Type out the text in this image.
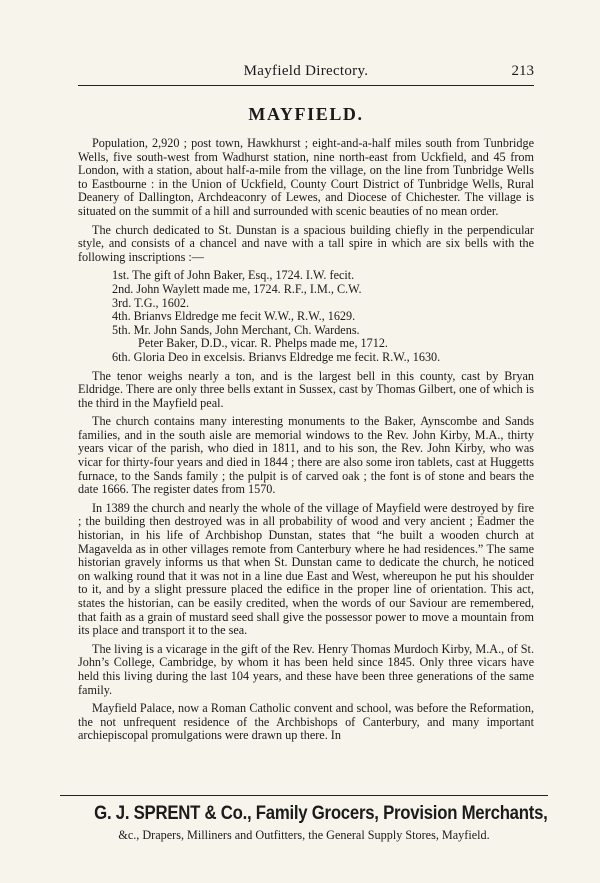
Mayfield Directory.	213
MAYFIELD.

Population, 2,920 ; post town, Hawkhurst ; eight-and-a-half miles south from Tunbridge Wells, five south-west from Wadhurst station, nine north-east from Uckfield, and 45 from London, with a station, about half-a-mile from the village, on the line from Tunbridge Wells to Eastbourne : in the Union of Uckfield, County Court District of Tunbridge Wells, Rural Deanery of Dallington, Archdeaconry of Lewes, and Diocese of Chichester. The village is situated on the summit of a hill and surrounded with scenic beauties of no mean order.

The church dedicated to St. Dunstan is a spacious building chiefly in the perpendicular style, and consists of a chancel and nave with a tall spire in which are six bells with the following inscriptions :—

1st. The gift of John Baker, Esq., 1724. I.W. fecit.
2nd. John Waylett made me, 1724. R.F., I.M., C.W.
3rd. T.G., 1602.
4th. Brianvs Eldredge me fecit W.W., R.W., 1629.
5th. Mr. John Sands, John Merchant, Ch. Wardens.
Peter Baker, D.D., vicar. R. Phelps made me, 1712.
6th. Gloria Deo in excelsis. Brianvs Eldredge me fecit. R.W., 1630.

The tenor weighs nearly a ton, and is the largest bell in this county, cast by Bryan Eldridge. There are only three bells extant in Sussex, cast by Thomas Gilbert, one of which is the third in the Mayfield peal.

The church contains many interesting monuments to the Baker, Aynscombe and Sands families, and in the south aisle are memorial windows to the Rev. John Kirby, M.A., thirty years vicar of the parish, who died in 1811, and to his son, the Rev. John Kirby, who was vicar for thirty-four years and died in 1844 ; there are also some iron tablets, cast at Huggetts furnace, to the Sands family ; the pulpit is of carved oak ; the font is of stone and bears the date 1666. The register dates from 1570.

In 1389 the church and nearly the whole of the village of Mayfield were destroyed by fire ; the building then destroyed was in all probability of wood and very ancient ; Eadmer the historian, in his life of Archbishop Dunstan, states that “he built a wooden church at Magavelda as in other villages remote from Canterbury where he had residences.” The same historian gravely informs us that when St. Dunstan came to dedicate the church, he noticed on walking round that it was not in a line due East and West, whereupon he put his shoulder to it, and by a slight pressure placed the edifice in the proper line of orientation. This act, states the historian, can be easily credited, when the words of our Saviour are remembered, that faith as a grain of mustard seed shall give the possessor power to move a mountain from its place and transport it to the sea.

The living is a vicarage in the gift of the Rev. Henry Thomas Murdoch Kirby, M.A., of St. John’s College, Cambridge, by whom it has been held since 1845. Only three vicars have held this living during the last 104 years, and these have been three generations of the same family.

Mayfield Palace, now a Roman Catholic convent and school, was before the Reformation, the not unfrequent residence of the Archbishops of Canterbury, and many important archiepiscopal promulgations were drawn up there. In

G. J. SPRENT & Co., Family Grocers, Provision Merchants,
&c., Drapers, Milliners and Outfitters, the General Supply Stores, Mayfield.
